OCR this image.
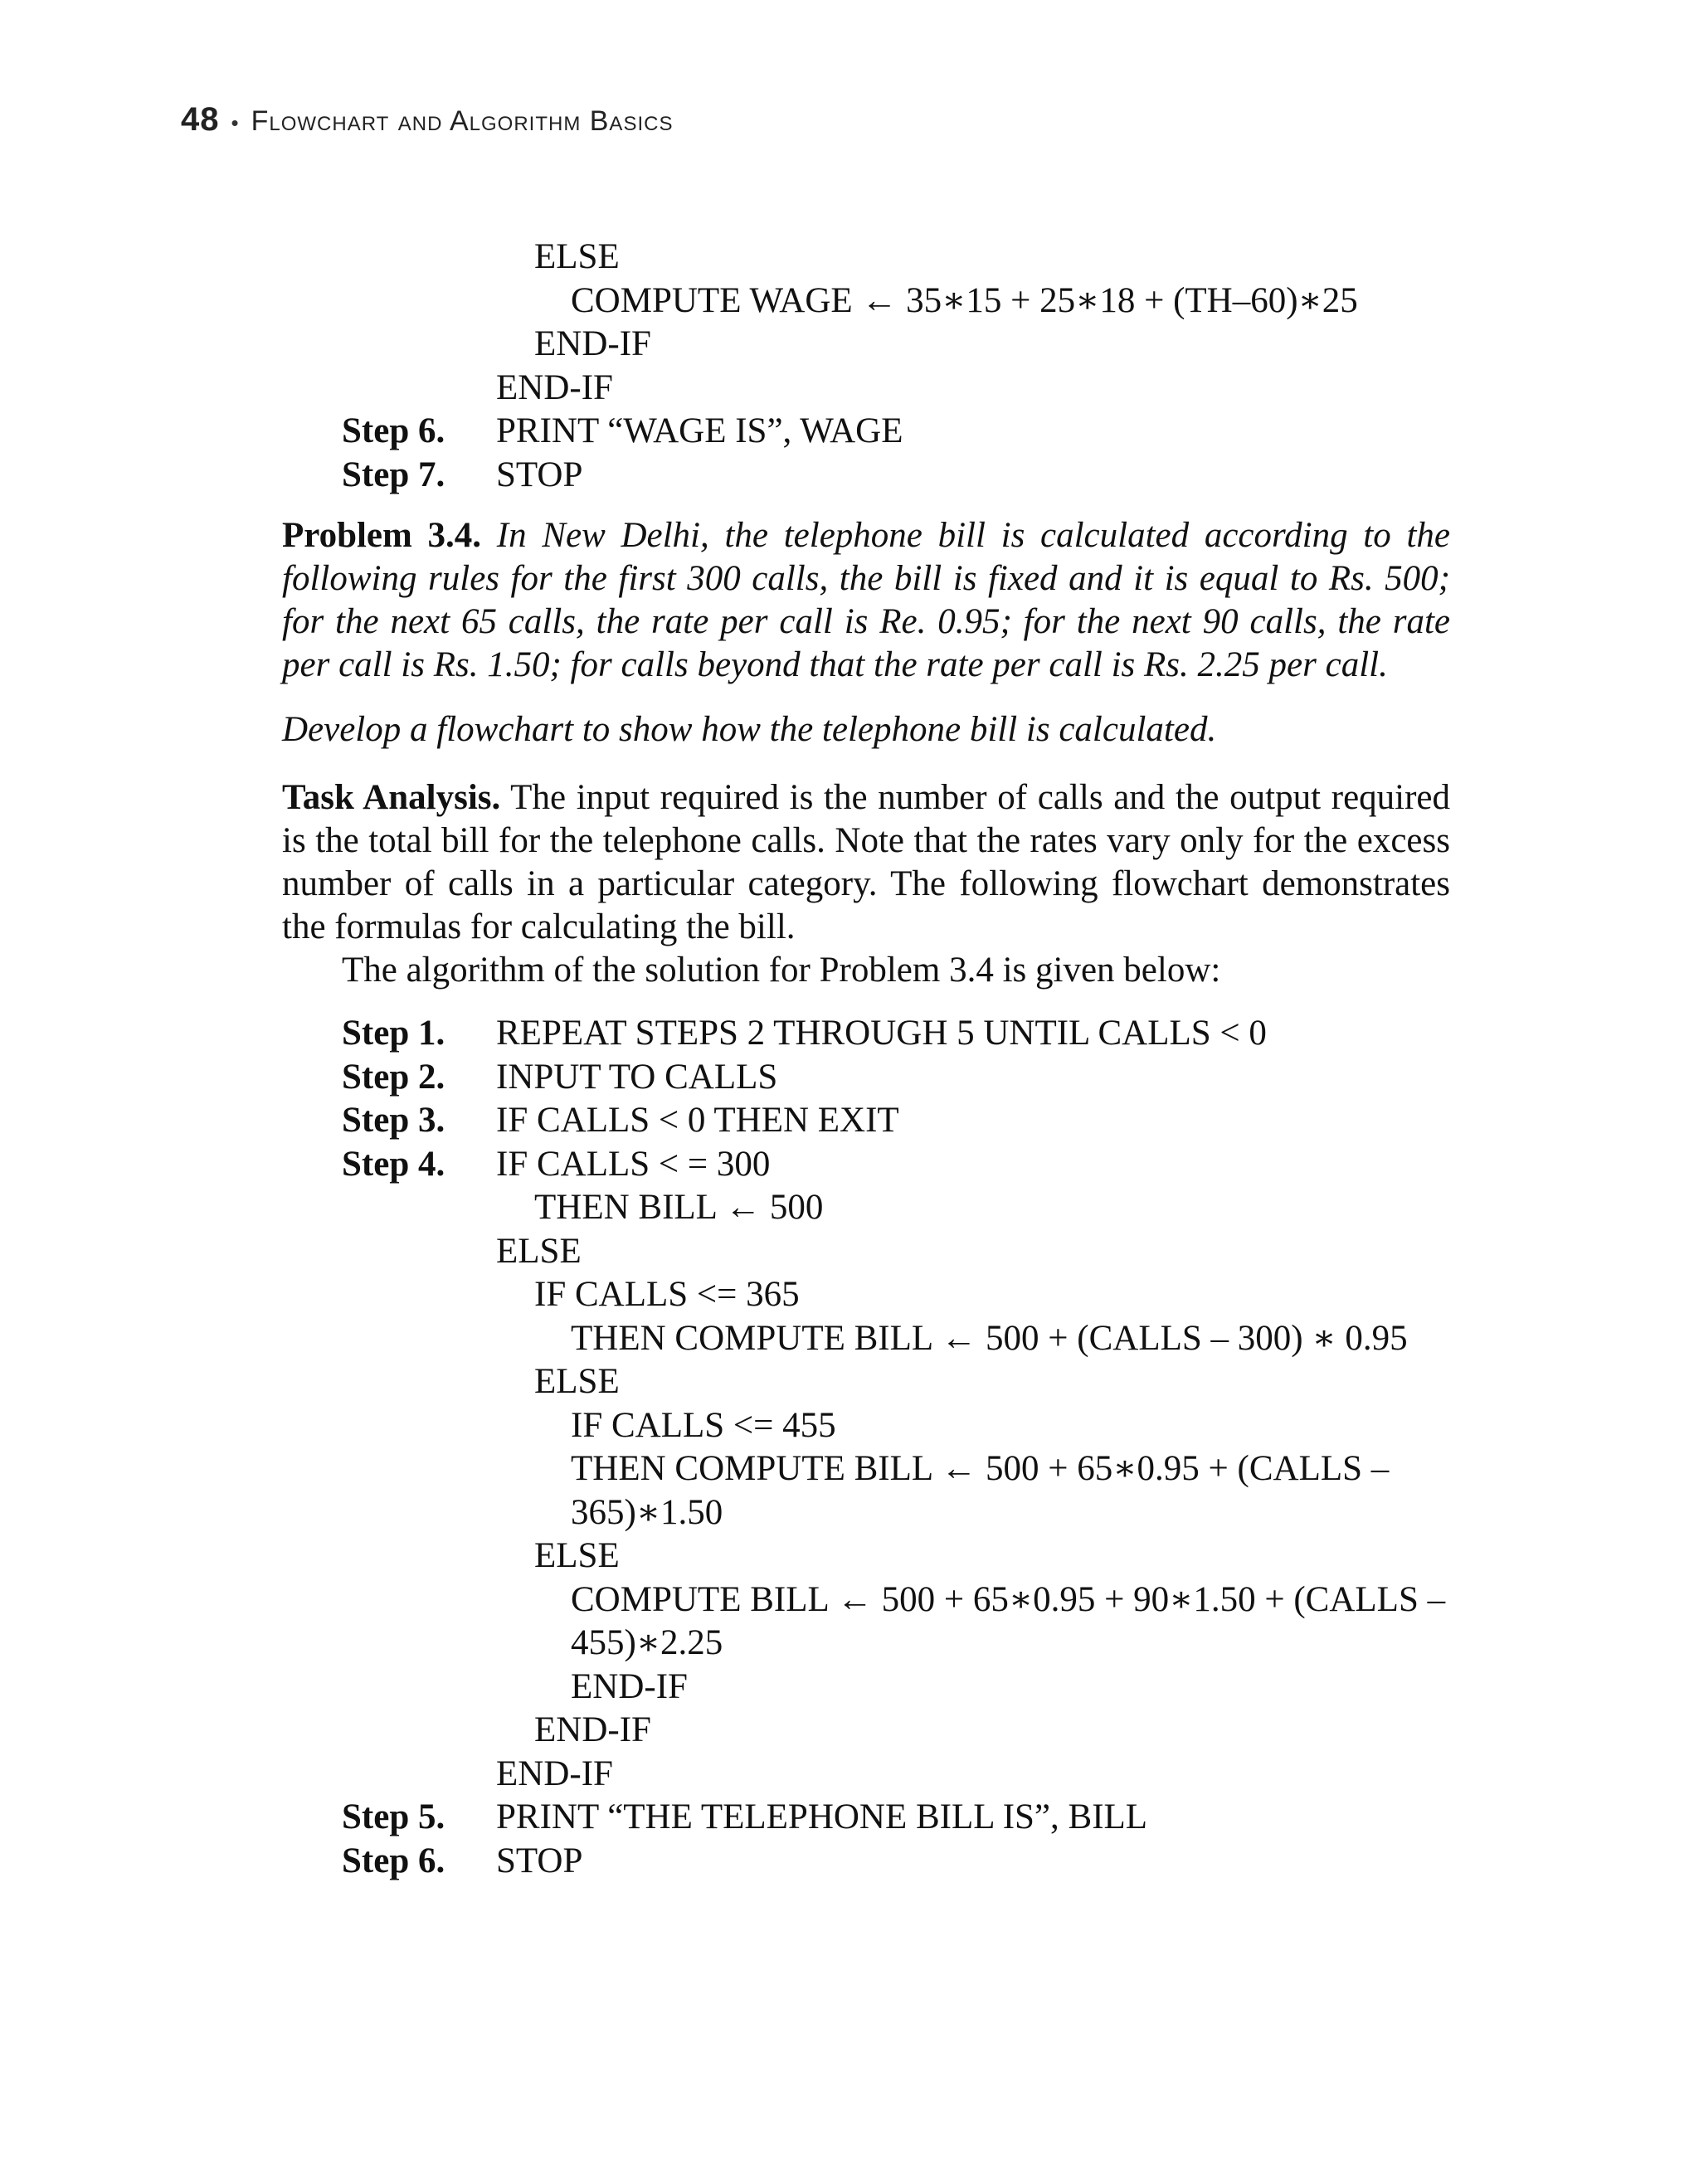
48 • Flowchart and Algorithm Basics
ELSE
COMPUTE WAGE ← 35∗15 + 25∗18 + (TH–60)∗25
END-IF
END-IF
Step 6. PRINT “WAGE IS”, WAGE
Step 7. STOP
Problem 3.4. In New Delhi, the telephone bill is calculated according to the following rules for the first 300 calls, the bill is fixed and it is equal to Rs. 500; for the next 65 calls, the rate per call is Re. 0.95; for the next 90 calls, the rate per call is Rs. 1.50; for calls beyond that the rate per call is Rs. 2.25 per call.
Develop a flowchart to show how the telephone bill is calculated.
Task Analysis. The input required is the number of calls and the output required is the total bill for the telephone calls. Note that the rates vary only for the excess number of calls in a particular category. The following flowchart demonstrates the formulas for calculating the bill.
The algorithm of the solution for Problem 3.4 is given below:
Step 1. REPEAT STEPS 2 THROUGH 5 UNTIL CALLS < 0
Step 2. INPUT TO CALLS
Step 3. IF CALLS < 0 THEN EXIT
Step 4. IF CALLS < = 300
THEN BILL ← 500
ELSE
IF CALLS <= 365
THEN COMPUTE BILL ← 500 + (CALLS – 300) ∗ 0.95
ELSE
IF CALLS <= 455
THEN COMPUTE BILL ← 500 + 65∗0.95 + (CALLS –
365)∗1.50
ELSE
COMPUTE BILL ← 500 + 65∗0.95 + 90∗1.50 + (CALLS –
455)∗2.25
END-IF
END-IF
END-IF
Step 5. PRINT “THE TELEPHONE BILL IS”, BILL
Step 6. STOP
